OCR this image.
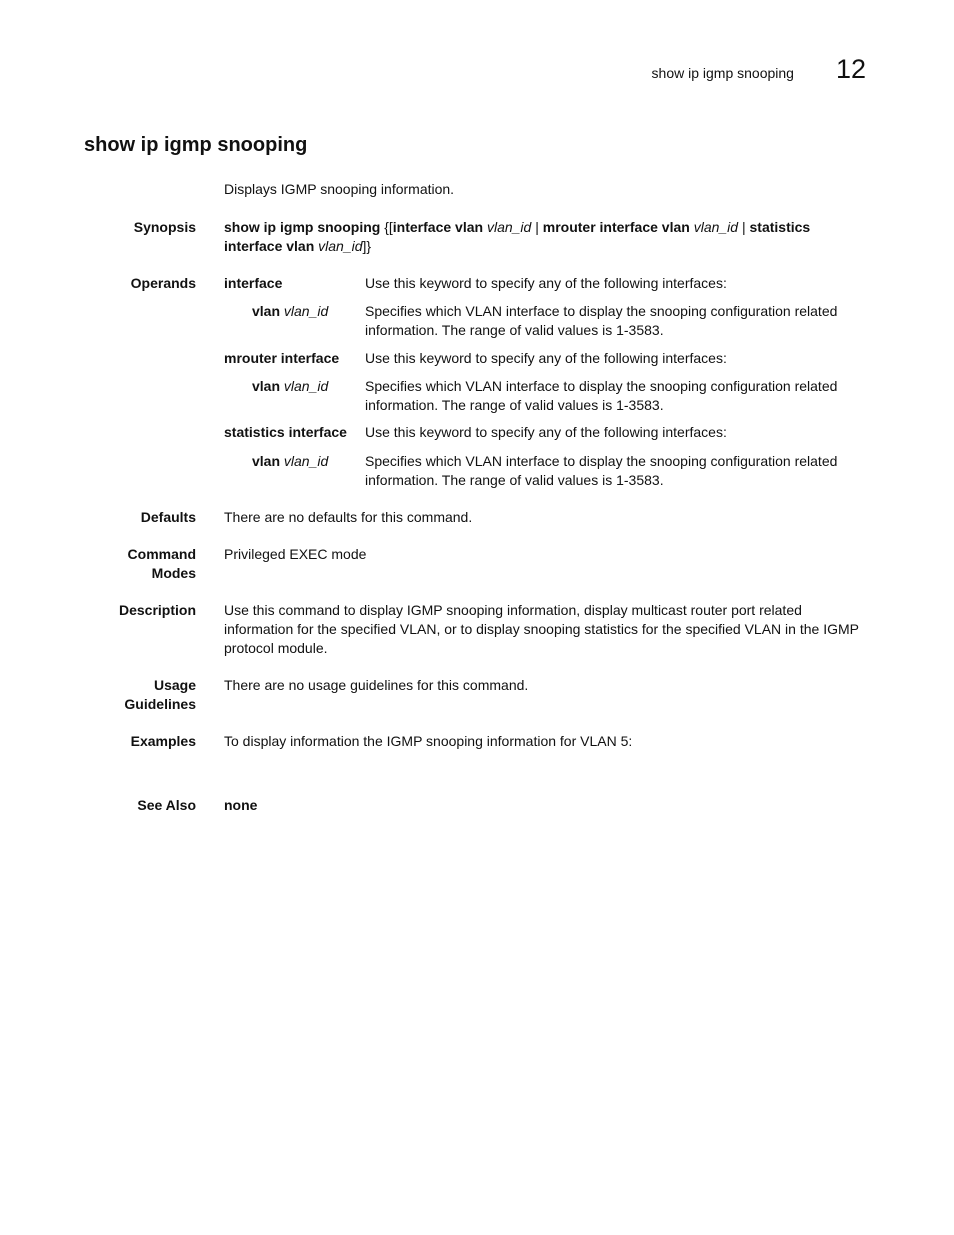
show ip igmp snooping 12
show ip igmp snooping
Displays IGMP snooping information.
Synopsis show ip igmp snooping {[interface vlan vlan_id | mrouter interface vlan vlan_id | statistics interface vlan vlan_id]}
Operands interface	Use this keyword to specify any of the following interfaces:
vlan vlan_id	Specifies which VLAN interface to display the snooping configuration related information. The range of valid values is 1-3583.
mrouter interface	Use this keyword to specify any of the following interfaces:
vlan vlan_id	Specifies which VLAN interface to display the snooping configuration related information. The range of valid values is 1-3583.
statistics interface	Use this keyword to specify any of the following interfaces:
vlan vlan_id	Specifies which VLAN interface to display the snooping configuration related information. The range of valid values is 1-3583.
Defaults There are no defaults for this command.
Command
Modes
Privileged EXEC mode
Description Use this command to display IGMP snooping information, display multicast router port related information for the specified VLAN, or to display snooping statistics for the specified VLAN in the IGMP protocol module.
Usage
Guidelines
There are no usage guidelines for this command.
Examples To display information the IGMP snooping information for VLAN 5:
See Also none
